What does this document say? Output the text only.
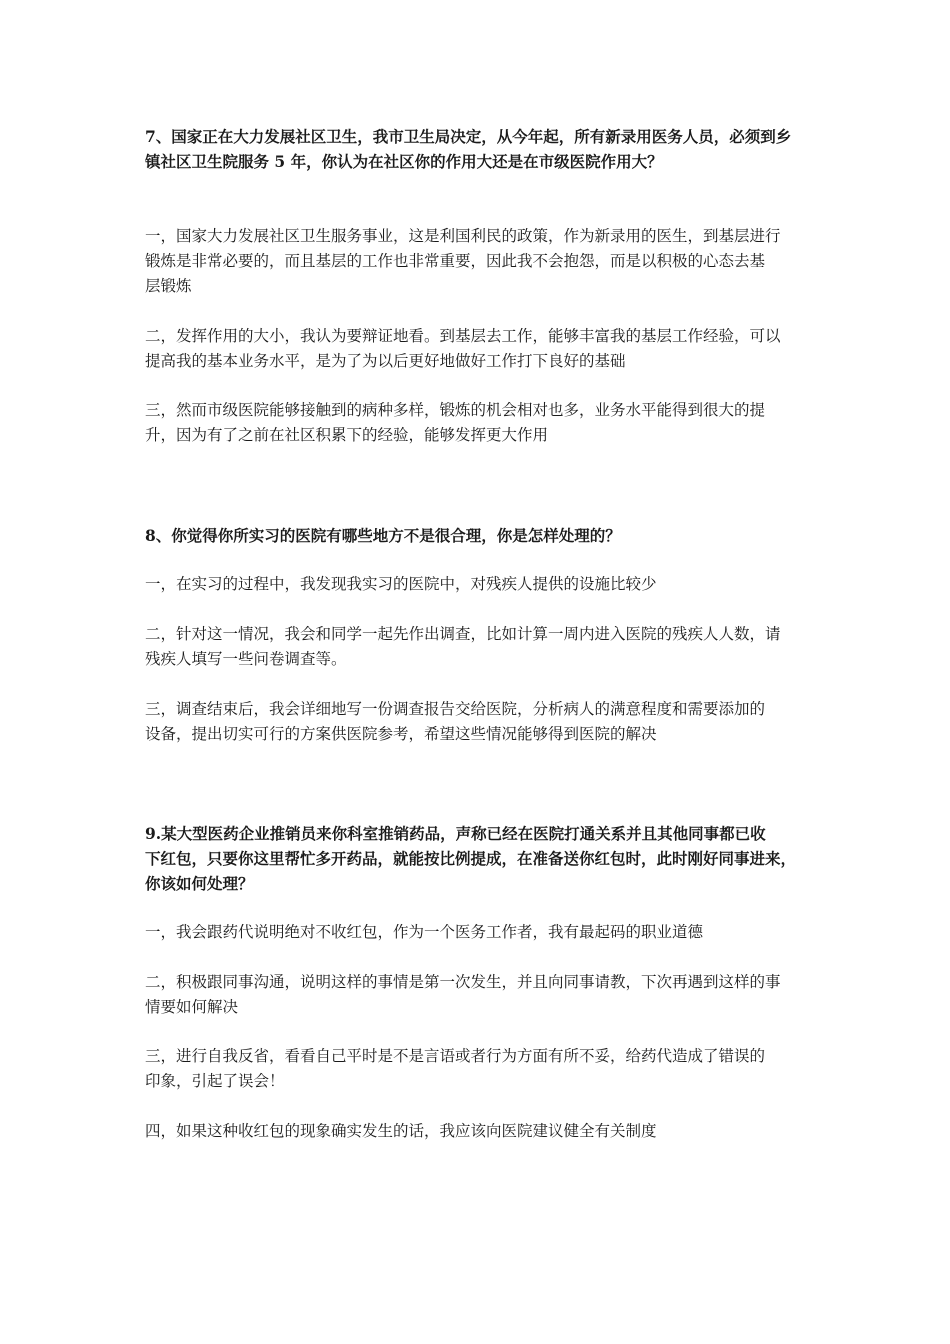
7、国家正在大力发展社区卫生，我市卫生局决定，从今年起，所有新录用医务人员，必须到乡
镇社区卫生院服务 5 年，你认为在社区你的作用大还是在市级医院作用大？

一，国家大力发展社区卫生服务事业，这是利国利民的政策，作为新录用的医生，到基层进行
锻炼是非常必要的，而且基层的工作也非常重要，因此我不会抱怨，而是以积极的心态去基
层锻炼

二，发挥作用的大小，我认为要辩证地看。到基层去工作，能够丰富我的基层工作经验，可以
提高我的基本业务水平，是为了为以后更好地做好工作打下良好的基础

三，然而市级医院能够接触到的病种多样，锻炼的机会相对也多，业务水平能得到很大的提
升，因为有了之前在社区积累下的经验，能够发挥更大作用

8、你觉得你所实习的医院有哪些地方不是很合理，你是怎样处理的？

一，在实习的过程中，我发现我实习的医院中，对残疾人提供的设施比较少

二，针对这一情况，我会和同学一起先作出调查，比如计算一周内进入医院的残疾人人数，请
残疾人填写一些问卷调查等。

三，调查结束后，我会详细地写一份调查报告交给医院，分析病人的满意程度和需要添加的
设备，提出切实可行的方案供医院参考，希望这些情况能够得到医院的解决

9.某大型医药企业推销员来你科室推销药品，声称已经在医院打通关系并且其他同事都已收
下红包，只要你这里帮忙多开药品，就能按比例提成，在准备送你红包时，此时刚好同事进来，
你该如何处理？

一，我会跟药代说明绝对不收红包，作为一个医务工作者，我有最起码的职业道德

二，积极跟同事沟通，说明这样的事情是第一次发生，并且向同事请教，下次再遇到这样的事
情要如何解决

三，进行自我反省，看看自己平时是不是言语或者行为方面有所不妥，给药代造成了错误的
印象，引起了误会！

四，如果这种收红包的现象确实发生的话，我应该向医院建议健全有关制度
